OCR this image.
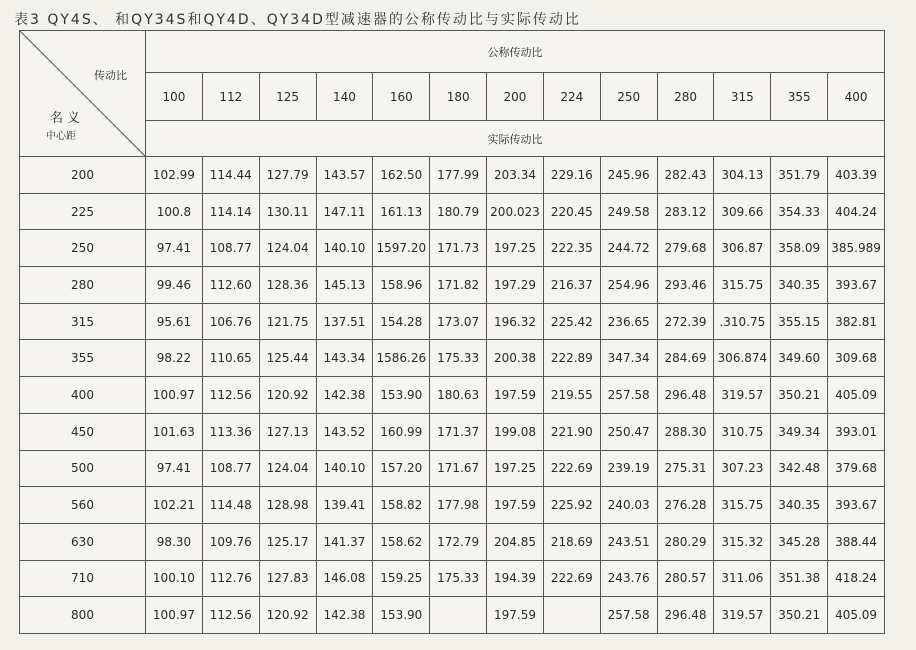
表3 QY4S、 和QY34S和QY4D、QY34D型减速器的公称传动比与实际传动比
传动比
名义
中心距	公称传动比												
	100	112	125	140	160	180	200	224	250	280	315	355	400
	实际传动比												
200	102.99	114.44	127.79	143.57	162.50	177.99	203.34	229.16	245.96	282.43	304.13	351.79	403.39
225	100.8	114.14	130.11	147.11	161.13	180.79	200.023	220.45	249.58	283.12	309.66	354.33	404.24
250	97.41	108.77	124.04	140.10	1597.20	171.73	197.25	222.35	244.72	279.68	306.87	358.09	385.989
280	99.46	112.60	128.36	145.13	158.96	171.82	197.29	216.37	254.96	293.46	315.75	340.35	393.67
315	95.61	106.76	121.75	137.51	154.28	173.07	196.32	225.42	236.65	272.39	.310.75	355.15	382.81
355	98.22	110.65	125.44	143.34	1586.26	175.33	200.38	222.89	347.34	284.69	306.874	349.60	309.68
400	100.97	112.56	120.92	142.38	153.90	180.63	197.59	219.55	257.58	296.48	319.57	350.21	405.09
450	101.63	113.36	127.13	143.52	160.99	171.37	199.08	221.90	250.47	288.30	310.75	349.34	393.01
500	97.41	108.77	124.04	140.10	157.20	171.67	197.25	222.69	239.19	275.31	307.23	342.48	379.68
560	102.21	114.48	128.98	139.41	158.82	177.98	197.59	225.92	240.03	276.28	315.75	340.35	393.67
630	98.30	109.76	125.17	141.37	158.62	172.79	204.85	218.69	243.51	280.29	315.32	345.28	388.44
710	100.10	112.76	127.83	146.08	159.25	175.33	194.39	222.69	243.76	280.57	311.06	351.38	418.24
800	100.97	112.56	120.92	142.38	153.90		197.59		257.58	296.48	319.57	350.21	405.09
